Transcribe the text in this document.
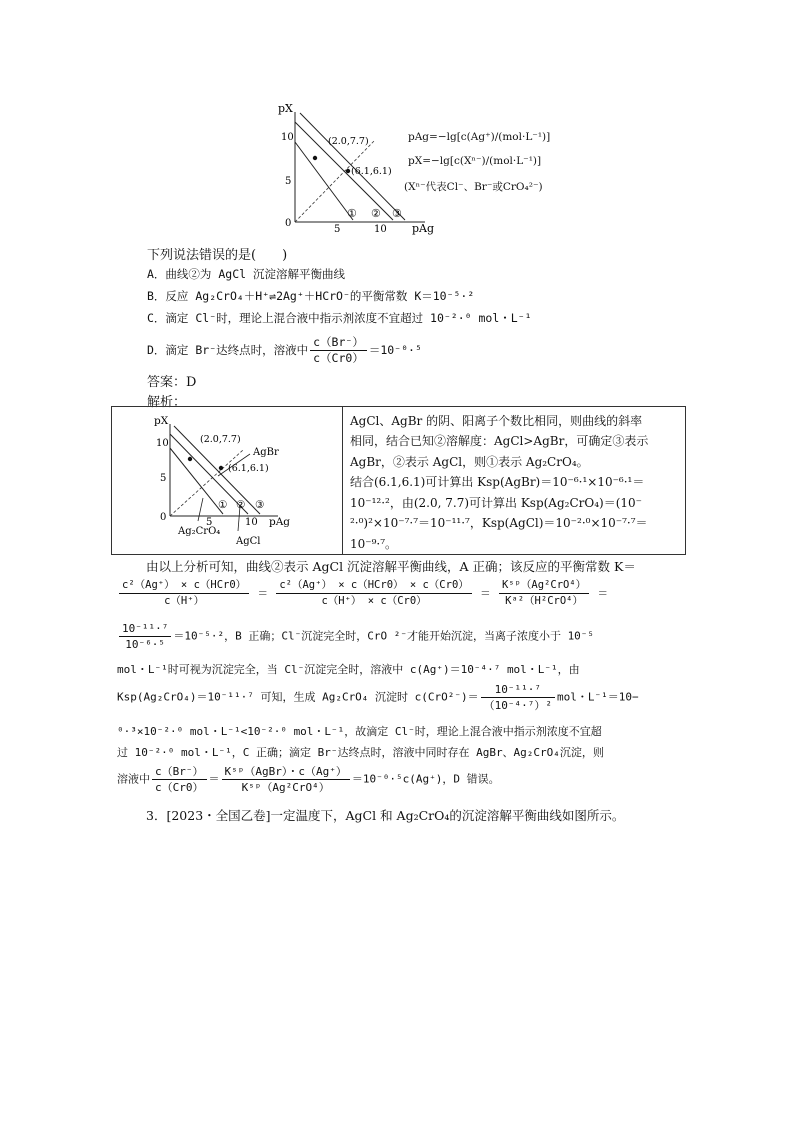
pX
10
5
0
5	10 pAg
(2.0,7.7)
(6.1,6.1)
① ② ③
pAg=−lg[c(Ag⁺)/(mol·L⁻¹)]
pX=−lg[c(Xⁿ⁻)/(mol·L⁻¹)]
(Xⁿ⁻代表Cl⁻、Br⁻或CrO₄²⁻)
下列说法错误的是(　　)
A．曲线②为 AgCl 沉淀溶解平衡曲线
B．反应 Ag₂CrO₄＋H⁺⇌2Ag⁺＋HCrO⁻的平衡常数 K＝10⁻⁵·²
C．滴定 Cl⁻时，理论上混合液中指示剂浓度不宜超过 10⁻²·⁰ mol・L⁻¹
D．滴定 Br⁻达终点时，溶液中 $\frac{c(Br^-)}{c(Cr0)} =10^{-0}\cdot^5$
答案：D
解析：
pX
10
5
0	5	10 pAg
(2.0,7.7)
(6.1,6.1)
AgBr
Ag₂CrO₄
AgCl
① ② ③
AgCl、AgBr 的阴、阳离子个数比相同，则曲线的斜率
相同，结合已知②溶解度：AgCl>AgBr，可确定③表示
AgBr，②表示 AgCl，则①表示 Ag₂CrO₄。
结合(6.1,6.1)可计算出 Ksp(AgBr)＝10⁻⁶·¹×10⁻⁶·¹＝
10⁻¹²·²，由(2.0, 7.7)可计算出 Ksp(Ag₂CrO₄)＝(10⁻
²·⁰)²×10⁻⁷·⁷＝10⁻¹¹·⁷，Ksp(AgCl)＝10⁻²·⁰×10⁻⁷·⁷＝
10⁻⁹·⁷。
由以上分析可知，曲线②表示 AgCl 沉淀溶解平衡曲线，A 正确；该反应的平衡常数 K＝
$\frac{\text{c²（Ag⁺） × c（HCr0）}}{c(H^+)} = \frac{\text{c²（Ag⁺） × c（HCr0） × c（Cr0）}}{c(H^+) \times c(Cr0)} = \frac{\text{Kˢᵖ（Ag²CrO⁴）}}{\text{Kᵃ²（H²CrO⁴）}}$ ＝
$\frac{\text{10⁻¹¹·⁷}}{\text{10⁻⁶·⁵}} =10^{-5}\cdot^2$，B 正确；Cl⁻沉淀完全时，CrO ²⁻才能开始沉淀，当离子浓度小于 10⁻⁵
mol・L⁻¹时可视为沉淀完全，当 Cl⁻沉淀完全时，溶液中 c(Ag⁺)＝10⁻⁴·⁷ mol・L⁻¹，由
Ksp(Ag₂CrO₄)＝10⁻¹¹·⁷ 可知，生成 Ag₂CrO₄ 沉淀时 $c(CrO^{2-})= \frac{\text{10⁻¹¹·⁷}}{\text{（10⁻⁴·⁷）²}}$ mol・L⁻¹＝10−
⁰·³×10⁻²·⁰ mol・L⁻¹<10⁻²·⁰ mol・L⁻¹，故滴定 Cl⁻时，理论上混合液中指示剂浓度不宜超
过 10⁻²·⁰ mol・L⁻¹，C 正确；滴定 Br⁻达终点时，溶液中同时存在 AgBr、Ag₂CrO₄沉淀，则
溶液中 $\frac{c(Br^-)}{c(Cr0)} = \frac{\text{Kˢᵖ（AgBr）・c（Ag⁺）}}{\text{Kˢᵖ（Ag²CrO⁴）}} =10^{-0}\cdot^5c(Ag^+)$，D 错误。
3．[2023・全国乙卷]一定温度下，AgCl 和 Ag₂CrO₄的沉淀溶解平衡曲线如图所示。
